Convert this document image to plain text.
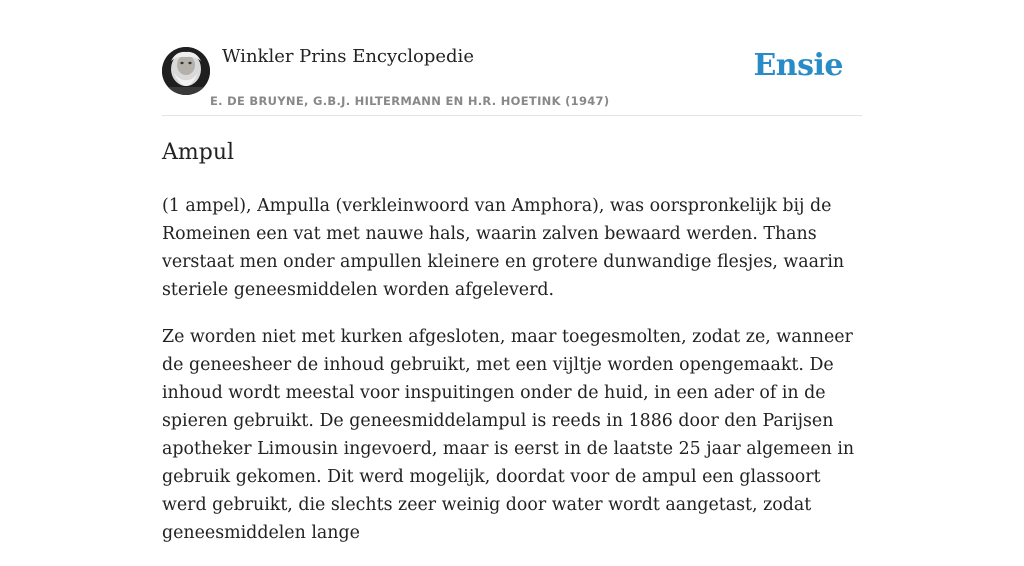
Winkler Prins Encyclopedie
E. DE BRUYNE, G.B.J. HILTERMANN EN H.R. HOETINK (1947)
Ensie
Ampul

(1 ampel), Ampulla (verkleinwoord van Amphora), was oorspronkelijk bij de Romeinen een vat met nauwe hals, waarin zalven bewaard werden. Thans verstaat men onder ampullen kleinere en grotere dunwandige flesjes, waarin steriele geneesmiddelen worden afgeleverd.

Ze worden niet met kurken afgesloten, maar toegesmolten, zodat ze, wanneer de geneesheer de inhoud gebruikt, met een vijltje worden opengemaakt. De inhoud wordt meestal voor inspuitingen onder de huid, in een ader of in de spieren gebruikt. De geneesmiddelampul is reeds in 1886 door den Parijsen apotheker Limousin ingevoerd, maar is eerst in de laatste 25 jaar algemeen in gebruik gekomen. Dit werd mogelijk, doordat voor de ampul een glassoort werd gebruikt, die slechts zeer weinig door water wordt aangetast, zodat geneesmiddelen lange
